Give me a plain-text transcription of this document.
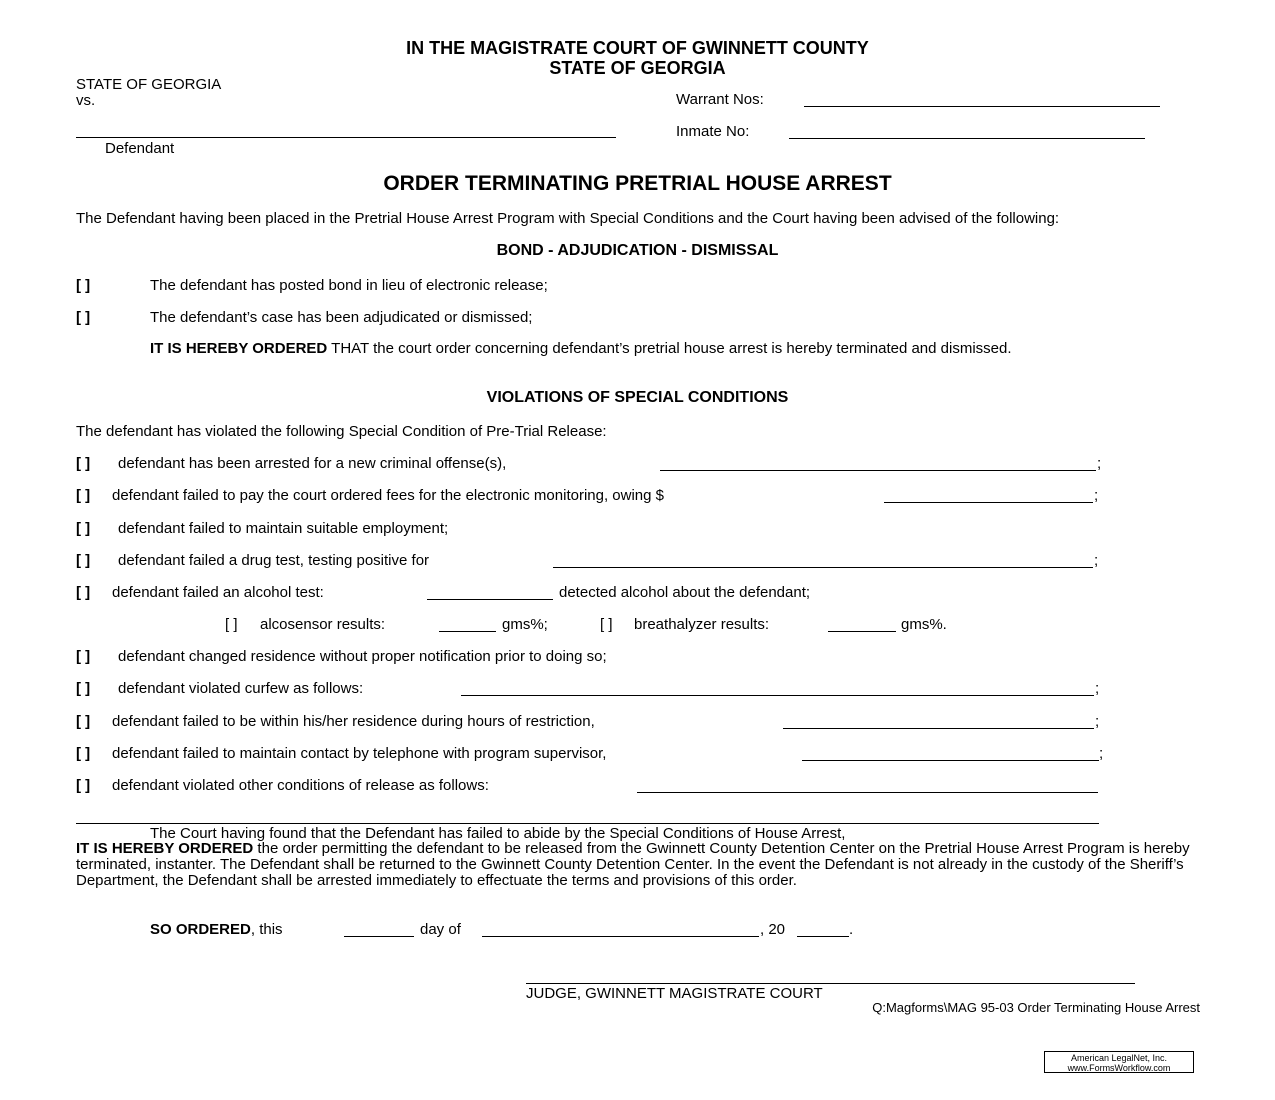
IN THE MAGISTRATE COURT OF GWINNETT COUNTY
STATE OF GEORGIA
STATE OF GEORGIA
vs.
Defendant
Warrant Nos:
Inmate No:
ORDER TERMINATING PRETRIAL HOUSE ARREST
The Defendant having been placed in the Pretrial House Arrest Program with Special Conditions and the Court having been advised of the following:
BOND - ADJUDICATION - DISMISSAL
[ ]	The defendant has posted bond in lieu of electronic release;
[ ]	The defendant’s case has been adjudicated or dismissed;
IT IS HEREBY ORDERED THAT the court order concerning defendant’s pretrial house arrest is hereby terminated and dismissed.
VIOLATIONS OF SPECIAL CONDITIONS
The defendant has violated the following Special Condition of Pre-Trial Release:
[ ] defendant has been arrested for a new criminal offense(s),	;
[ ] defendant failed to pay the court ordered fees for the electronic monitoring, owing $	;
[ ] defendant failed to maintain suitable employment;
[ ] defendant failed a drug test, testing positive for	;
[ ] defendant failed an alcohol test:	detected alcohol about the defendant;
[ ] alcosensor results:	gms%;	[ ] breathalyzer results:	gms%.
[ ] defendant changed residence without proper notification prior to doing so;
[ ] defendant violated curfew as follows:	;
[ ] defendant failed to be within his/her residence during hours of restriction,	;
[ ] defendant failed to maintain contact by telephone with program supervisor,	;
[ ] defendant violated other conditions of release as follows:
The Court having found that the Defendant has failed to abide by the Special Conditions of House Arrest,
IT IS HEREBY ORDERED the order permitting the defendant to be released from the Gwinnett County Detention Center on the Pretrial House Arrest Program is hereby terminated, instanter. The Defendant shall be returned to the Gwinnett County Detention Center. In the event the Defendant is not already in the custody of the Sheriff’s Department, the Defendant shall be arrested immediately to effectuate the terms and provisions of this order.
SO ORDERED, this	day of	, 20	.
JUDGE, GWINNETT MAGISTRATE COURT
Q:Magforms\MAG 95-03 Order Terminating House Arrest
American LegalNet, Inc.
www.FormsWorkflow.com
